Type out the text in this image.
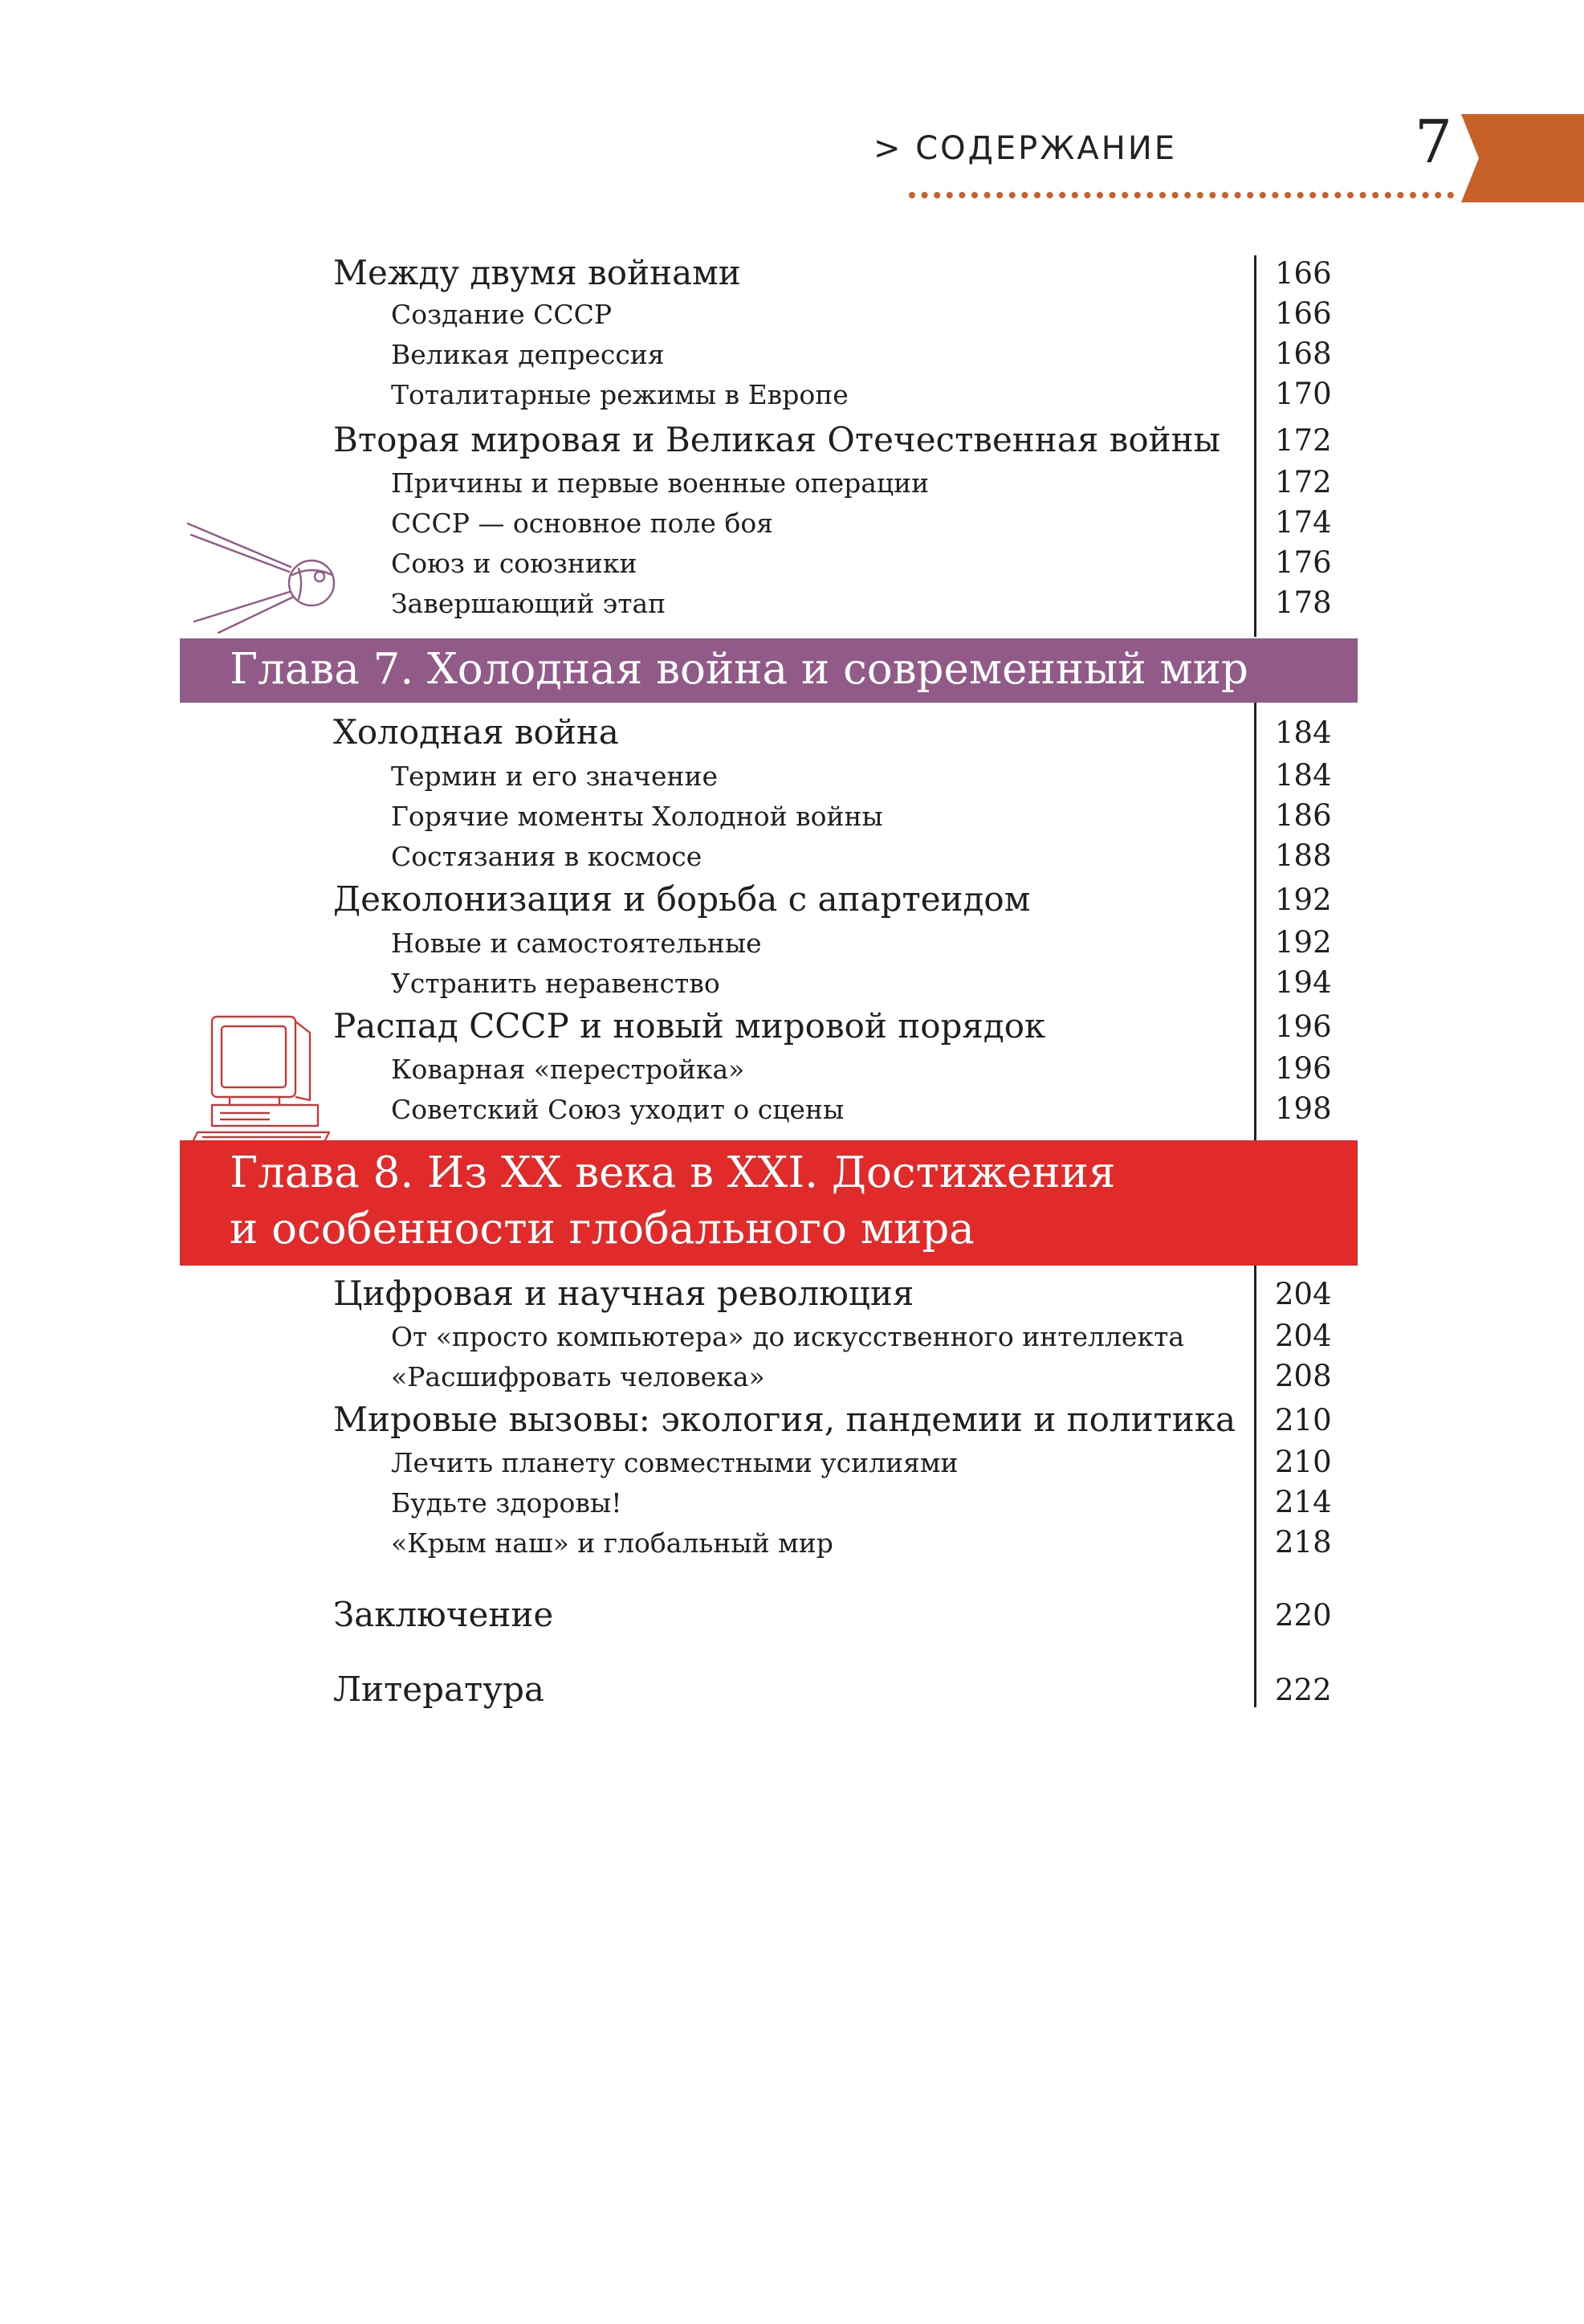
> СОДЕРЖАНИЕ	7
Между двумя войнами	166
Создание СССР	166
Великая депрессия	168
Тоталитарные режимы в Европе	170
Вторая мировая и Великая Отечественная войны 172
Причины и первые военные операции	172
СССР — основное поле боя	174
Союз и союзники	176
Завершающий этап	178
Глава 7. Холодная война и современный мир
Холодная война	184
Термин и его значение	184
Горячие моменты Холодной войны	186
Состязания в космосе	188
Деколонизация и борьба с апартеидом	192
Новые и самостоятельные	192
Устранить неравенство	194
Распад СССР и новый мировой порядок	196
Коварная «перестройка»	196
Советский Союз уходит о сцены	198
Глава 8. Из XX века в XXI. Достижения
и особенности глобального мира
Цифровая и научная революция	204
От «просто компьютера» до искусственного интеллекта	204
«Расшифровать человека»	208
Мировые вызовы: экология, пандемии и политика 210
Лечить планету совместными усилиями	210
Будьте здоровы!	214
«Крым наш» и глобальный мир	218
Заключение	220
Литература	222
